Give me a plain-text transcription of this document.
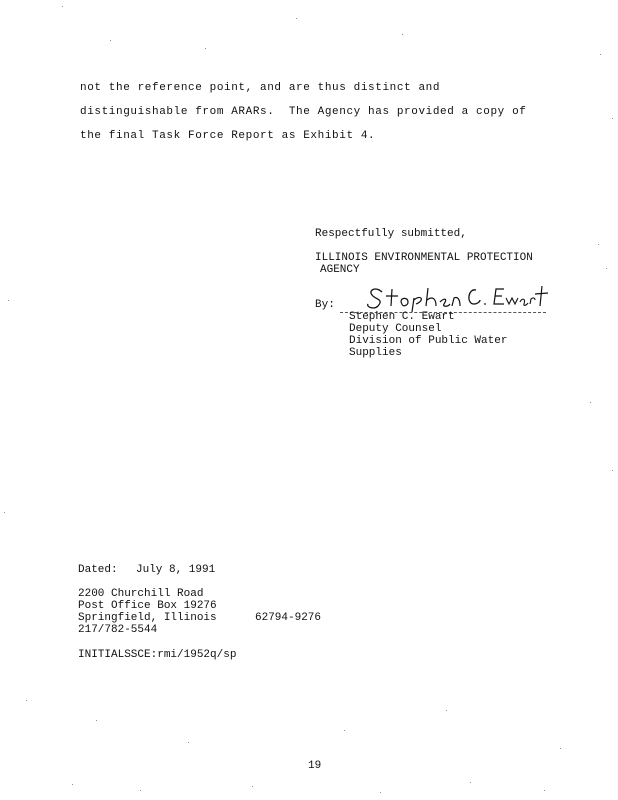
not the reference point, and are thus distinct and
distinguishable from ARARs.  The Agency has provided a copy of
the final Task Force Report as Exhibit 4.
Respectfully submitted,
ILLINOIS ENVIRONMENTAL PROTECTION
AGENCY
By:
Stephen C. Ewart
Deputy Counsel
Division of Public Water
Supplies
Dated: July 8, 1991
2200 Churchill Road
Post Office Box 19276
Springfield, Illinois	62794-9276
217/782-5544
INITIALSSCE:rmi/1952q/sp
19
